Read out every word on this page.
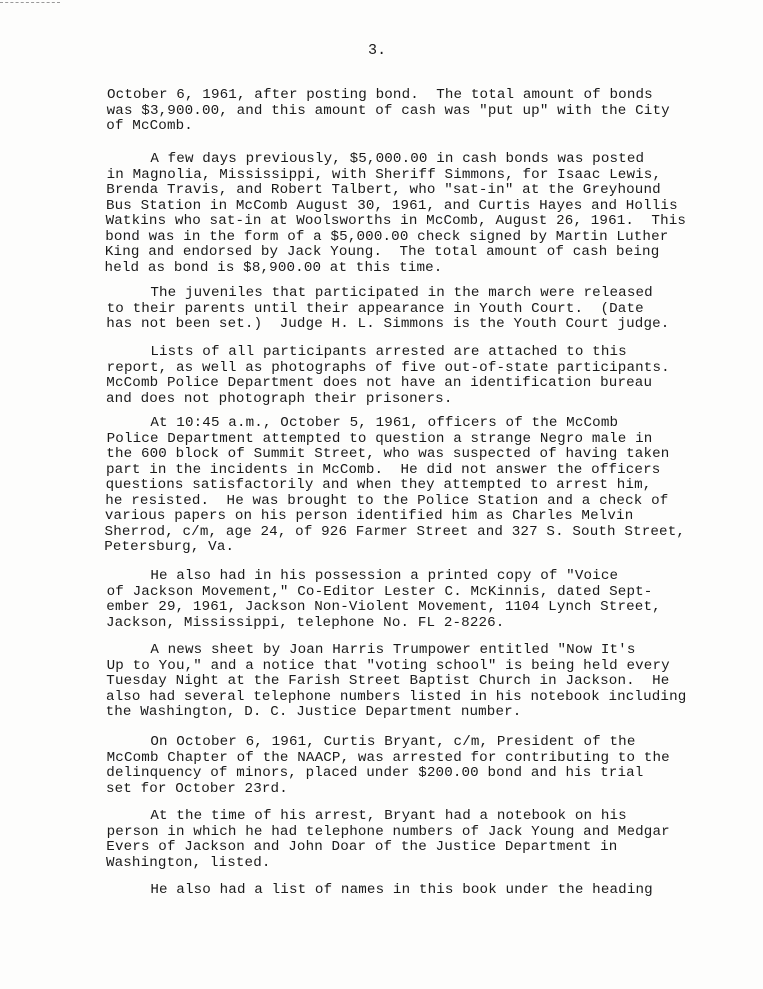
3.
October 6, 1961, after posting bond.  The total amount of bonds
was $3,900.00, and this amount of cash was "put up" with the City
of McComb.
A few days previously, $5,000.00 in cash bonds was posted
in Magnolia, Mississippi, with Sheriff Simmons, for Isaac Lewis,
Brenda Travis, and Robert Talbert, who "sat-in" at the Greyhound
Bus Station in McComb August 30, 1961, and Curtis Hayes and Hollis
Watkins who sat-in at Woolsworths in McComb, August 26, 1961.  This
bond was in the form of a $5,000.00 check signed by Martin Luther
King and endorsed by Jack Young.  The total amount of cash being
held as bond is $8,900.00 at this time.
The juveniles that participated in the march were released
to their parents until their appearance in Youth Court.  (Date
has not been set.)  Judge H. L. Simmons is the Youth Court judge.
Lists of all participants arrested are attached to this
report, as well as photographs of five out-of-state participants.
McComb Police Department does not have an identification bureau
and does not photograph their prisoners.
At 10:45 a.m., October 5, 1961, officers of the McComb
Police Department attempted to question a strange Negro male in
the 600 block of Summit Street, who was suspected of having taken
part in the incidents in McComb.  He did not answer the officers
questions satisfactorily and when they attempted to arrest him,
he resisted.  He was brought to the Police Station and a check of
various papers on his person identified him as Charles Melvin
Sherrod, c/m, age 24, of 926 Farmer Street and 327 S. South Street,
Petersburg, Va.
He also had in his possession a printed copy of "Voice
of Jackson Movement," Co-Editor Lester C. McKinnis, dated Sept-
ember 29, 1961, Jackson Non-Violent Movement, 1104 Lynch Street,
Jackson, Mississippi, telephone No. FL 2-8226.
A news sheet by Joan Harris Trumpower entitled "Now It's
Up to You," and a notice that "voting school" is being held every
Tuesday Night at the Farish Street Baptist Church in Jackson.  He
also had several telephone numbers listed in his notebook including
the Washington, D. C. Justice Department number.
On October 6, 1961, Curtis Bryant, c/m, President of the
McComb Chapter of the NAACP, was arrested for contributing to the
delinquency of minors, placed under $200.00 bond and his trial
set for October 23rd.
At the time of his arrest, Bryant had a notebook on his
person in which he had telephone numbers of Jack Young and Medgar
Evers of Jackson and John Doar of the Justice Department in
Washington, listed.
He also had a list of names in this book under the heading
